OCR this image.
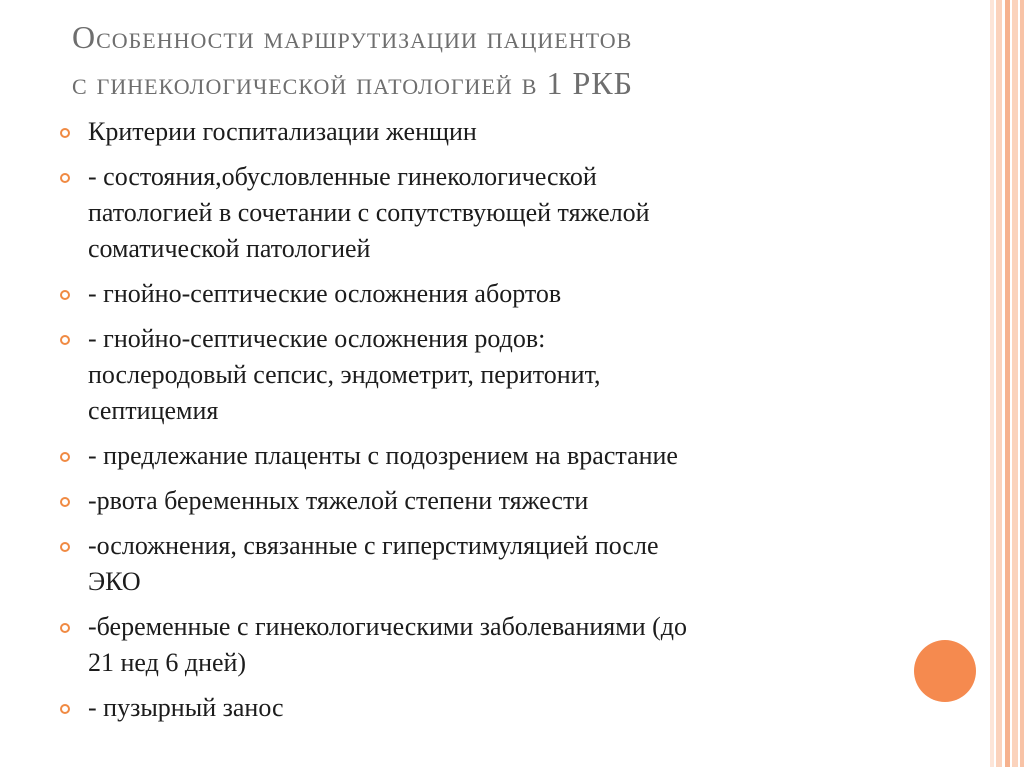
Особенности маршрутизации пациентов
с гинекологической патологией в 1 РКБ
Критерии госпитализации женщин
- состояния,обусловленные гинекологической
патологией в сочетании с сопутствующей тяжелой
соматической патологией
- гнойно-септические осложнения абортов
- гнойно-септические осложнения родов:
послеродовый сепсис, эндометрит, перитонит,
септицемия
- предлежание плаценты с подозрением на врастание
-рвота беременных тяжелой степени тяжести
-осложнения, связанные с гиперстимуляцией после
ЭКО
-беременные с гинекологическими заболеваниями (до
21 нед 6 дней)
- пузырный занос
